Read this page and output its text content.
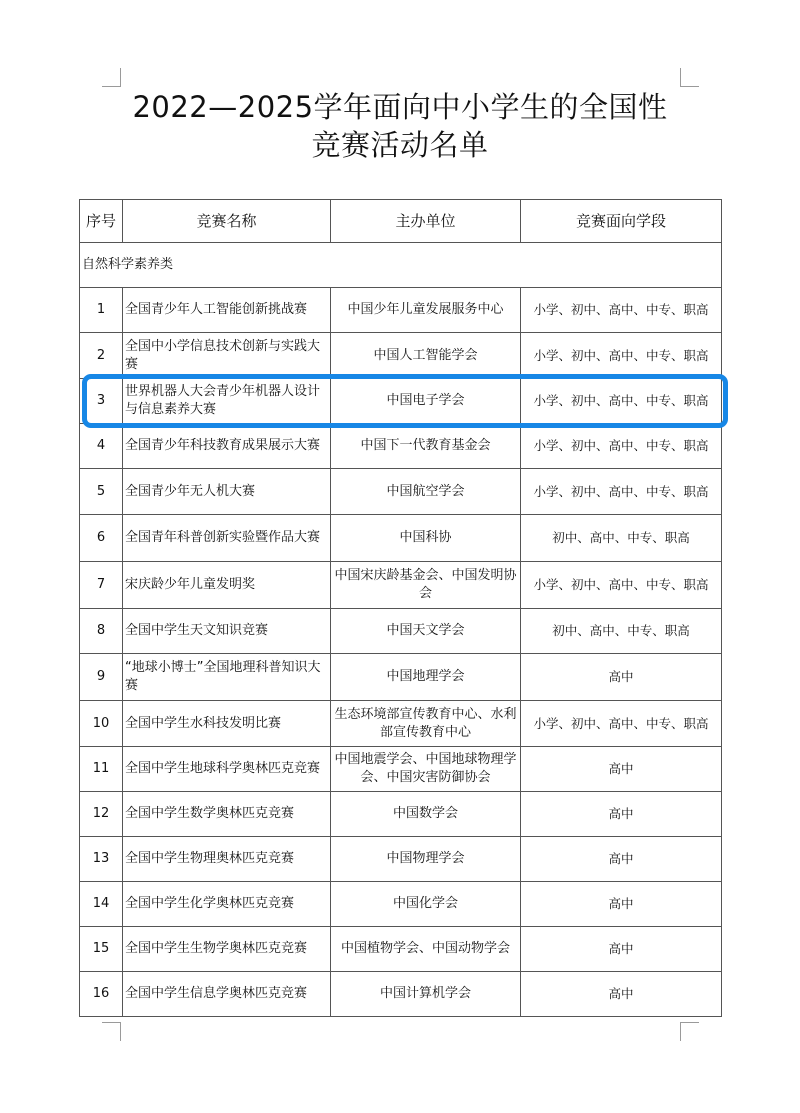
2022—2025学年面向中小学生的全国性
竞赛活动名单
序号	竞赛名称	主办单位	竞赛面向学段
自然科学素养类			
1	全国青少年人工智能创新挑战赛	中国少年儿童发展服务中心	小学、初中、高中、中专、职高
2	全国中小学信息技术创新与实践大赛	中国人工智能学会	小学、初中、高中、中专、职高
3	世界机器人大会青少年机器人设计与信息素养大赛	中国电子学会	小学、初中、高中、中专、职高
4	全国青少年科技教育成果展示大赛	中国下一代教育基金会	小学、初中、高中、中专、职高
5	全国青少年无人机大赛	中国航空学会	小学、初中、高中、中专、职高
6	全国青年科普创新实验暨作品大赛	中国科协	初中、高中、中专、职高
7	宋庆龄少年儿童发明奖	中国宋庆龄基金会、中国发明协会	小学、初中、高中、中专、职高
8	全国中学生天文知识竞赛	中国天文学会	初中、高中、中专、职高
9	“地球小博士”全国地理科普知识大赛	中国地理学会	高中
10	全国中学生水科技发明比赛	生态环境部宣传教育中心、水利部宣传教育中心	小学、初中、高中、中专、职高
11	全国中学生地球科学奥林匹克竞赛	中国地震学会、中国地球物理学会、中国灾害防御协会	高中
12	全国中学生数学奥林匹克竞赛	中国数学会	高中
13	全国中学生物理奥林匹克竞赛	中国物理学会	高中
14	全国中学生化学奥林匹克竞赛	中国化学会	高中
15	全国中学生生物学奥林匹克竞赛	中国植物学会、中国动物学会	高中
16	全国中学生信息学奥林匹克竞赛	中国计算机学会	高中
